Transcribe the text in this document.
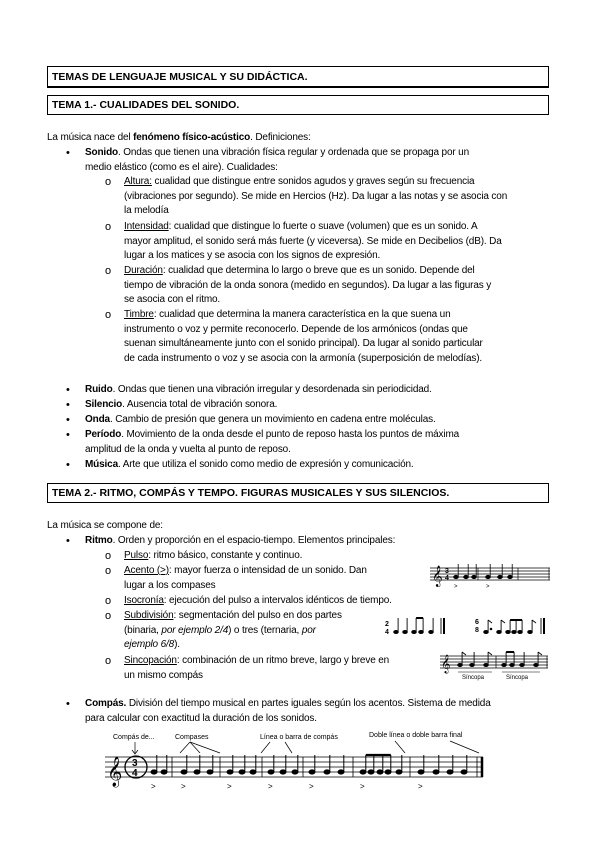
TEMAS DE LENGUAJE MUSICAL Y SU DIDÁCTICA.
TEMA 1.- CUALIDADES DEL SONIDO.
La música nace del fenómeno físico-acústico. Definiciones:
• Sonido. Ondas que tienen una vibración física regular y ordenada que se propaga por un
medio elástico (como es el aire). Cualidades:
o Altura: cualidad que distingue entre sonidos agudos y graves según su frecuencia
(vibraciones por segundo). Se mide en Hercios (Hz). Da lugar a las notas y se asocia con
la melodía
o Intensidad: cualidad que distingue lo fuerte o suave (volumen) que es un sonido. A
mayor amplitud, el sonido será más fuerte (y viceversa). Se mide en Decibelios (dB). Da
lugar a los matices y se asocia con los signos de expresión.
o Duración: cualidad que determina lo largo o breve que es un sonido. Depende del
tiempo de vibración de la onda sonora (medido en segundos). Da lugar a las figuras y
se asocia con el ritmo.
o Timbre: cualidad que determina la manera característica en la que suena un
instrumento o voz y permite reconocerlo. Depende de los armónicos (ondas que
suenan simultáneamente junto con el sonido principal). Da lugar al sonido particular
de cada instrumento o voz y se asocia con la armonía (superposición de melodías).
• Ruido. Ondas que tienen una vibración irregular y desordenada sin periodicidad.
• Silencio. Ausencia total de vibración sonora.
• Onda. Cambio de presión que genera un movimiento en cadena entre moléculas.
• Período. Movimiento de la onda desde el punto de reposo hasta los puntos de máxima
amplitud de la onda y vuelta al punto de reposo.
• Música. Arte que utiliza el sonido como medio de expresión y comunicación.
TEMA 2.- RITMO, COMPÁS Y TEMPO. FIGURAS MUSICALES Y SUS SILENCIOS.
La música se compone de:
• Ritmo. Orden y proporción en el espacio-tiempo. Elementos principales:
o Pulso: ritmo básico, constante y continuo.
o Acento (>): mayor fuerza o intensidad de un sonido. Dan
lugar a los compases
o Isocronía: ejecución del pulso a intervalos idénticos de tiempo.
o Subdivisión: segmentación del pulso en dos partes
(binaria, por ejemplo 2/4) o tres (ternaria, por
ejemplo 6/8).
o Sincopación: combinación de un ritmo breve, largo y breve en
un mismo compás
• Compás. División del tiempo musical en partes iguales según los acentos. Sistema de medida
para calcular con exactitud la duración de los sonidos.
𝄞 3
4
>	>
2
4
6
8
𝄞
Síncopa	Síncopa
Compás de...	Compases	Línea o barra de compás	Doble línea o doble barra final
𝄞 3
4
>	>	>	>	>	>	>
